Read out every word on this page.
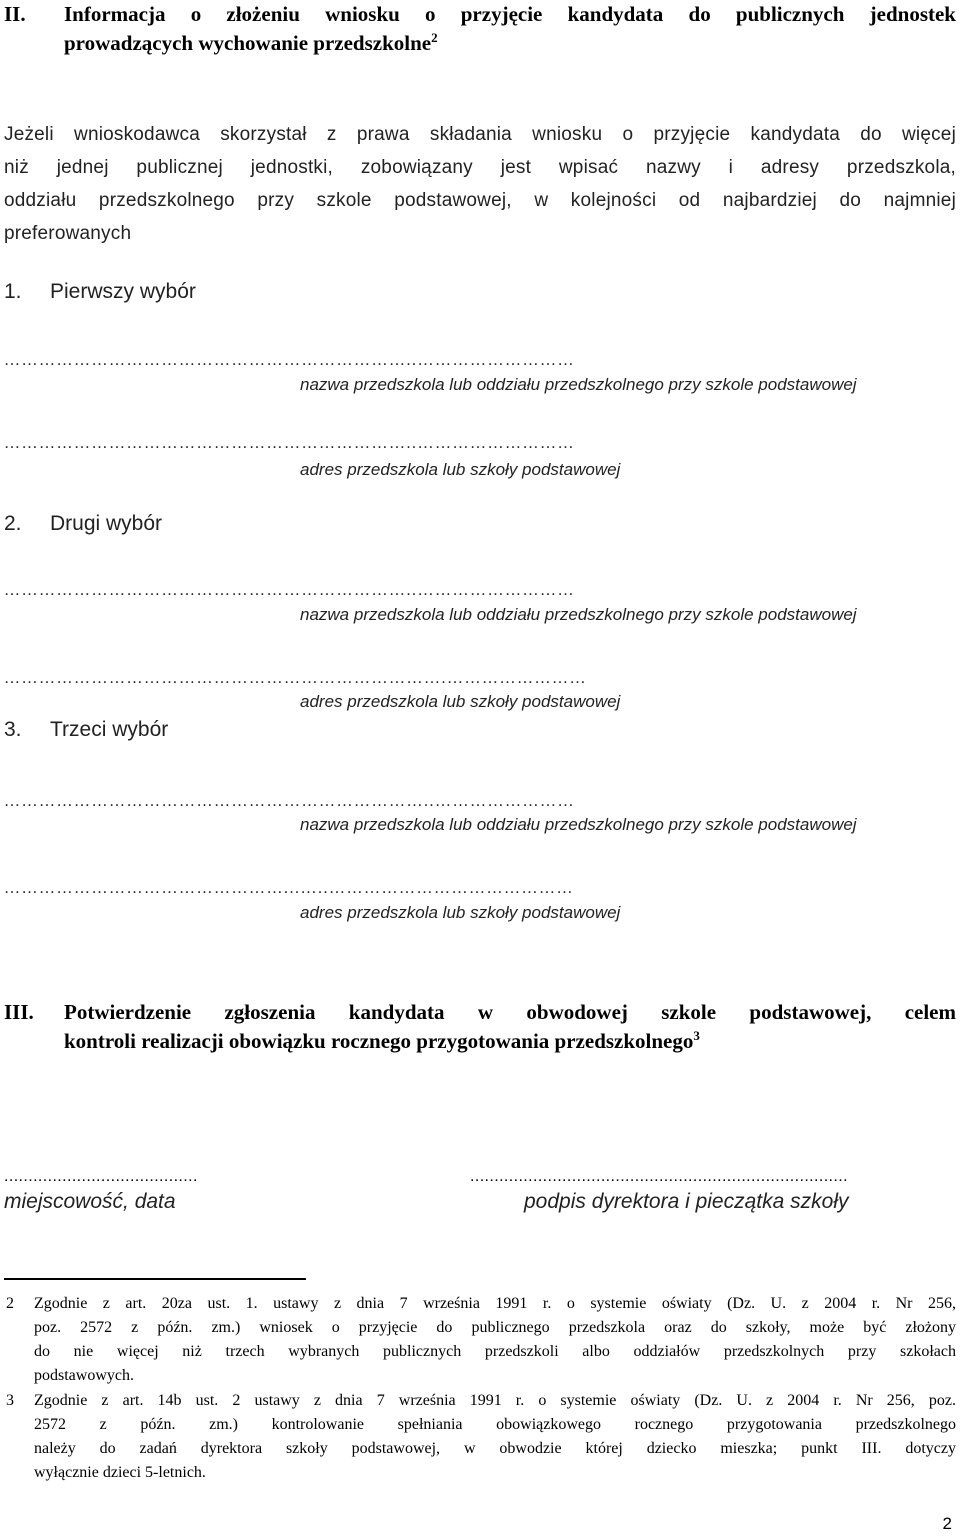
II. Informacja o złożeniu wniosku o przyjęcie kandydata do publicznych jednostek
prowadzących wychowanie przedszkolne$^2$
Jeżeli wnioskodawca skorzystał z prawa składania wniosku o przyjęcie kandydata do więcej
niż jednej publicznej jednostki, zobowiązany jest wpisać nazwy i adresy przedszkola,
oddziału przedszkolnego przy szkole podstawowej, w kolejności od najbardziej do najmniej
preferowanych
1. Pierwszy wybór
……………………………………………………………..………………………
nazwa przedszkola lub oddziału przedszkolnego przy szkole podstawowej
……………………………………………………………..………………………
adres przedszkola lub szkoły podstawowej
2. Drugi wybór
……………………………………………………………..………………………
nazwa przedszkola lub oddziału przedszkolnego przy szkole podstawowej
………………………………………………………………….……………………
adres przedszkola lub szkoły podstawowej
3. Trzeci wybór
………………………………………………………………..……………………
nazwa przedszkola lub oddziału przedszkolnego przy szkole podstawowej
…………………………………………...…..……………………………………
adres przedszkola lub szkoły podstawowej
III. Potwierdzenie zgłoszenia kandydata w obwodowej szkole podstawowej, celem
kontroli realizacji obowiązku rocznego przygotowania przedszkolnego$^3$
........................................
miejscowość, data
..............................................................................
podpis dyrektora i pieczątka szkoły
2 Zgodnie z art. 20za ust. 1. ustawy z dnia 7 września 1991 r. o systemie oświaty (Dz. U. z 2004 r. Nr 256,
poz. 2572 z późn. zm.) wniosek o przyjęcie do publicznego przedszkola oraz do szkoły, może być złożony
do nie więcej niż trzech wybranych publicznych przedszkoli albo oddziałów przedszkolnych przy szkołach
podstawowych.
3 Zgodnie z art. 14b ust. 2 ustawy z dnia 7 września 1991 r. o systemie oświaty (Dz. U. z 2004 r. Nr 256, poz.
2572 z późn. zm.) kontrolowanie spełniania obowiązkowego rocznego przygotowania przedszkolnego
należy do zadań dyrektora szkoły podstawowej, w obwodzie której dziecko mieszka; punkt III. dotyczy
wyłącznie dzieci 5-letnich.
2
